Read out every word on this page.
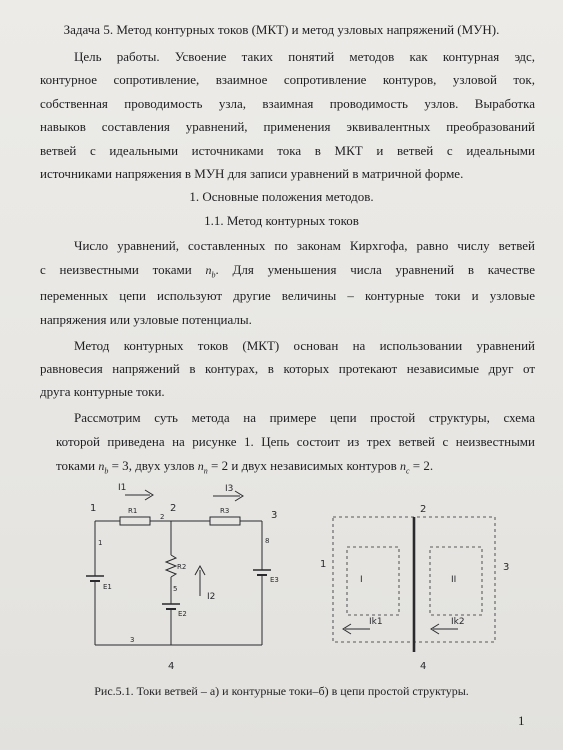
Задача 5. Метод контурных токов (МКТ) и метод узловых напряжений (МУН).
Цель работы. Усвоение таких понятий методов как контурная эдс,
контурное сопротивление, взаимное сопротивление контуров, узловой ток,
собственная проводимость узла, взаимная проводимость узлов. Выработка
навыков составления уравнений, применения эквивалентных преобразований
ветвей с идеальными источниками тока в МКТ и ветвей с идеальными
источниками напряжения в МУН для записи уравнений в матричной форме.
1. Основные положения методов.
1.1. Метод контурных токов
Число уравнений, составленных по законам Кирхгофа, равно числу ветвей
с неизвестными токами $n_b$. Для уменьшения числа уравнений в качестве
переменных цепи используют другие величины – контурные токи и узловые
напряжения или узловые потенциалы.
Метод контурных токов (МКТ) основан на использовании уравнений
равновесия напряжений в контурах, в которых протекают независимые друг от
друга контурные токи.
Рассмотрим суть метода на примере цепи простой структуры, схема
которой приведена на рисунке 1. Цепь состоит из трех ветвей с неизвестными
токами $n_b = 3$, двух узлов $n_n = 2$ и двух независимых контуров $n_c = 2$.
I1	I3
I2
1	2
3
4
R1	R3
R2
E1
E2
E3
1
2
3
5
8
2
4
1	3
I	II
Ik1	Ik2
Рис.5.1. Токи ветвей – а) и контурные токи–б) в цепи простой структуры.
1
